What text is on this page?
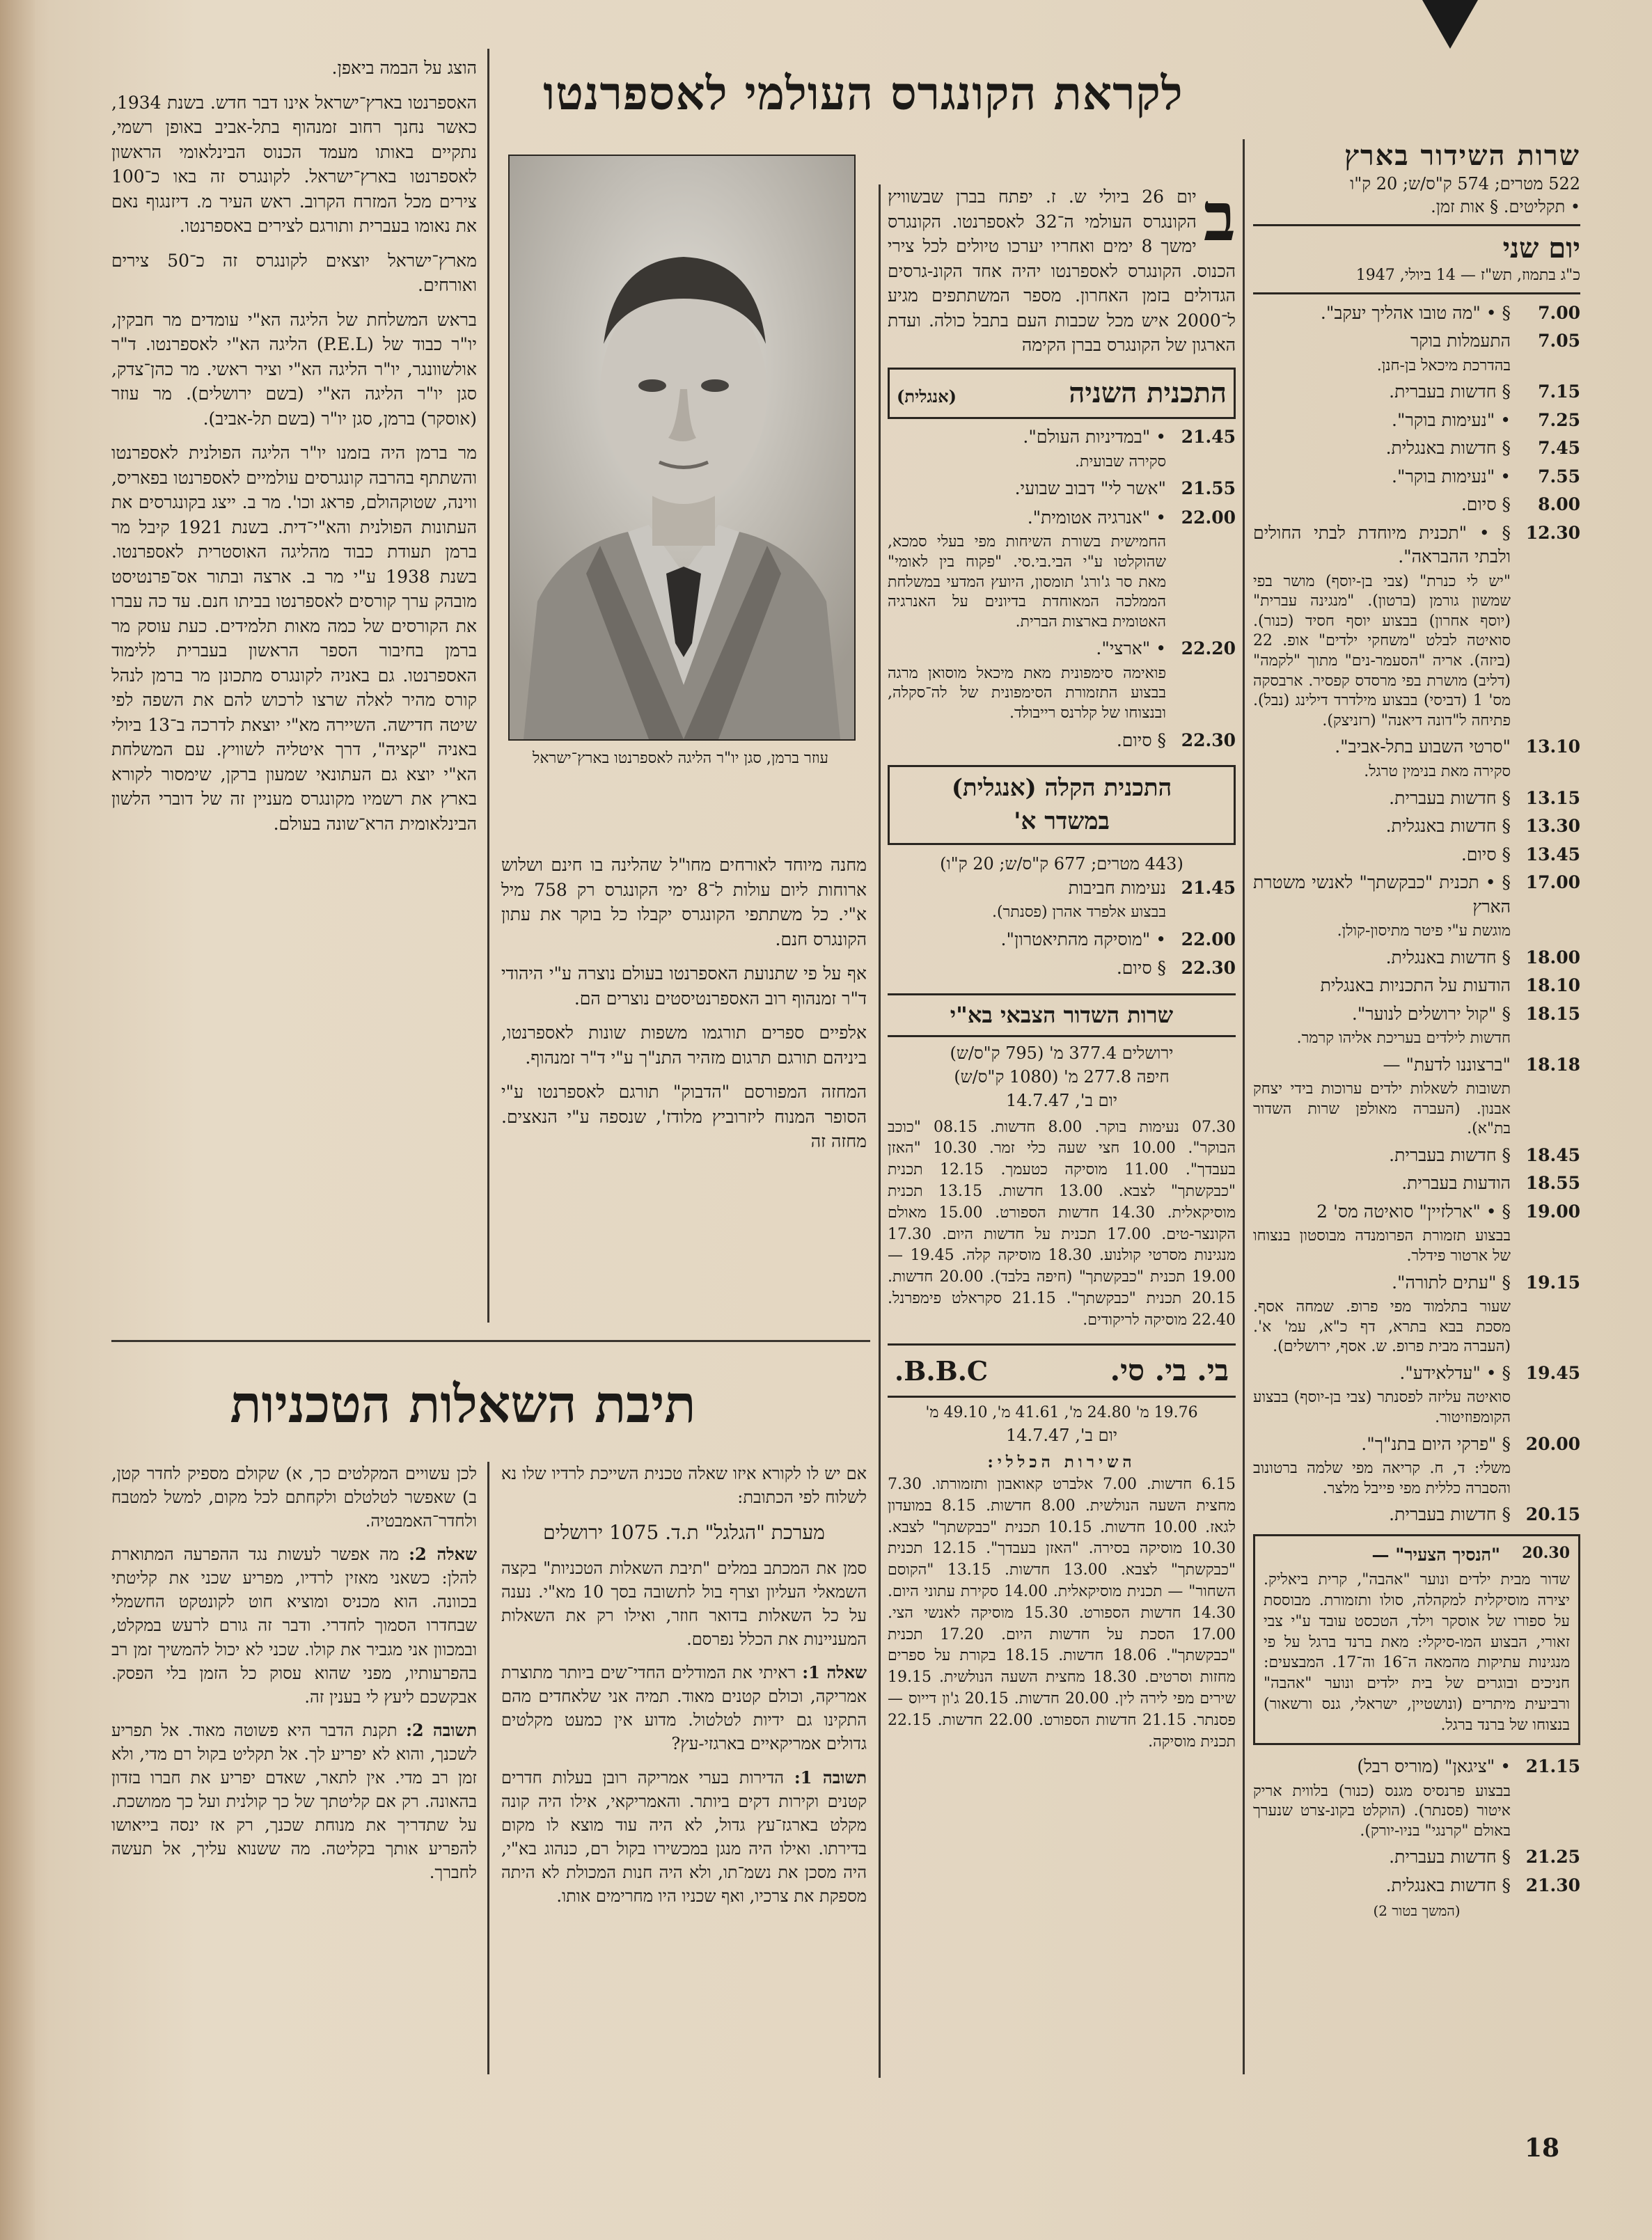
שרות השידור בארץ
522 מטרים; 574 ק"ס/ש; 20 ק"ו
• תקליטים. § אות זמן.
יום שני
כ"ג בתמוז, תש"ז — 14 ביולי, 1947
7.00
§ • "מה טובו אהליך יעקב".
7.05
התעמלות בוקר
בהדרכת מיכאל בן-חנן.
7.15
§ חדשות בעברית.
7.25
• "נעימות בוקר".
7.45
§ חדשות באנגלית.
7.55
• "נעימות בוקר".
8.00
§ סיום.
12.30
§ • "תכנית מיוחדת לבתי החולים ולבתי ההבראה".
"יש לי כנרת" (צבי בן-יוסף) מושר בפי שמשון גורמן (ברטון). "מנגינה עברית" (יוסף אחרון) בבצוע יוסף חסיד (כנור). סואיטה לבלט "משחקי ילדים" אופ. 22 (ביזה). אריה "הסעמר-נים" מתוך "לקמה" (דליב) מושרת בפי מרסדס קפסיר. ארבסקה מס' 1 (דביסי) בבצוע מילדרד דילינג (נבל). פתיחה ל"דונה דיאנה" (רזניצק).
13.10
"סרטי השבוע בתל-אביב".
סקירה מאת בנימין טרגל.
13.15
§ חדשות בעברית.
13.30
§ חדשות באנגלית.
13.45
§ סיום.
17.00
§ • תכנית "כבקשתך" לאנשי משטרת הארץ
מוגשת ע"י פיטר מתיסון-קולן.
18.00
§ חדשות באנגלית.
18.10
הודעות על התכניות באנגלית
18.15
§ "קול ירושלים לנוער".
חדשות לילדים בעריכת אליהו קרמר.
18.18
"ברצוננו לדעת" —
תשובות לשאלות ילדים ערוכות בידי יצחק אבנון. (העברה מאולפן שרות השדור בת"א).
18.45
§ חדשות בעברית.
18.55
הודעות בעברית.
19.00
§ • "ארלזיין" סואיטה מס' 2
בבצוע תזמורת הפרומנדה מבוסטון בנצוחו של ארטור פידלר.
19.15
§ "עתים לתורה".
שעור בתלמוד מפי פרופ. שמחה אסף. מסכת בבא בתרא, דף כ"א, עמ' א'. (העברה מבית פרופ. ש. אסף, ירושלים).
19.45
§ • "עדלאידע".
סואיטה עליזה לפסנתר (צבי בן-יוסף) בבצוע הקומפוזיטור.
20.00
§ "פרקי היום בתנ"ך".
משלי: ד, ח. קריאה מפי שלמה ברטונוב והסברה כללית מפי פייבל מלצר.
20.15
§ חדשות בעברית.
20.30
"הנסיך הצעיר" —
שדור מבית ילדים ונוער "אהבה", קרית ביאליק. יצירה מוסיקלית למקהלה, סולו ותזמורת. מבוססת על ספורו של אוסקר וילד, הטכסט עובד ע"י צבי זאורי, הבצוע המו-סיקלי: מאת ברנד ברגל על פי מנגינות עתיקות מהמאה ה־16 וה־17. המבצעים: חניכים ובוגרים של בית ילדים ונוער "אהבה" ורביעית מיתרים (ונושטיין, ישראלי, גנס ורשאור) בנצוחו של ברנד ברגל.
21.15
• "ציגאן" (מוריס רבל)
בבצוע פרנסיס מגנס (כנור) בלווית אריק איטור (פסנתר). (הוקלט בקונ-צרט שנערך באולם "קרנגי" בניו-יורק).
21.25
§ חדשות בעברית.
21.30
§ חדשות באנגלית.
(המשך בטור 2)
לקראת הקונגרס העולמי לאספרנטו

ב
יום 26 ביולי ש. ז. יפתח בברן שבשוויץ הקונגרס העולמי ה־32 לאספרנטו. הקונגרס ימשך 8 ימים ואחריו יערכו טיולים לכל צירי הכנוס. הקונגרס לאספרנטו יהיה אחד הקונ-גרסים הגדולים בזמן האחרון. מספר המשתתפים מגיע ל־2000 איש מכל שכבות העם בתבל כולה. ועדת הארגון של הקונגרס בברן הקימה

התכנית השניה
(אנגלית)
21.45
• "במדיניות העולם".
סקירה שבועית.
21.55
"אשר לי" דבוב שבועי.
22.00
• "אנרגיה אטומית".
החמישית בשורת השיחות מפי בעלי סמכא, שהוקלטו ע"י הבי.בי.סי. "פקוח בין לאומי" מאת סר ג'ורג' תומסון, היועץ המדעי במשלחת הממלכה המאוחדת בדיונים על האנרגיה האטומית בארצות הברית.
22.20
• "ארצי".
פואימה סימפונית מאת מיכאל מוסואן מרגה בבצוע התזמורת הסימפונית של לה־סקלה, ובנצוחו של קלרנס רייבולד.
22.30
§ סיום.
התכנית הקלה (אנגלית)
במשדר א'
(443 מטרים; 677 ק"ס/ש; 20 ק"ו)
21.45
נעימות חביבות
בבצוע אלפרד אהרן (פסנתר).
22.00
• "מוסיקה מהתיאטרון".
22.30
§ סיום.
שרות השדור הצבאי בא"י
ירושלים 377.4 מ' (795 ק"ס/ש)
חיפה 277.8 מ' (1080 ק"ס/ש)
יום ב', 14.7.47
07.30 נעימות בוקר. 8.00 חדשות. 08.15 "כוכב הבוקר". 10.00 חצי שעה כלי זמר. 10.30 "האזן בעבדך". 11.00 מוסיקה כטעמך. 12.15 תכנית "כבקשתך" לצבא. 13.00 חדשות. 13.15 תכנית מוסיקאלית. 14.30 חדשות הספורט. 15.00 מאולם הקונצר-טים. 17.00 תכנית על חדשות היום. 17.30 מנגינות מסרטי קולנוע. 18.30 מוסיקה קלה. 19.45 — 19.00 תכנית "כבקשתך" (חיפה בלבד). 20.00 חדשות. 20.15 תכנית "כבקשתך". 21.15 סקראלט פימפרנל. 22.40 מוסיקה לריקודים.
בי. בי. סי.
B.B.C.
19.76 מ' 24.80 מ', 41.61 מ', 49.10 מ'
יום ב', 14.7.47
השירות הכללי:
6.15 חדשות. 7.00 אלברט קאואבון ותזמורתו. 7.30 מחצית השעה הנולשית. 8.00 חדשות. 8.15 במועדון לגאז. 10.00 חדשות. 10.15 תכנית "כבקשתך" לצבא. 10.30 מוסיקה בסירה. "האזן בעבדך". 12.15 תכנית "כבקשתך" לצבא. 13.00 חדשות. 13.15 "הקוסם השחור" — תכנית מוסיקאלית. 14.00 סקירת עתוני היום. 14.30 חדשות הספורט. 15.30 מוסיקה לאנשי הצי. 17.00 הסכת על חדשות היום. 17.20 תכנית "כבקשתך". 18.06 חדשות. 18.15 בקורת על ספרים מחזות וסרטים. 18.30 מחצית השעה הנולשית. 19.15 שירים מפי לירה לין. 20.00 חדשות. 20.15 ג'ון דייוס — פסנתר. 21.15 חדשות הספורט. 22.00 חדשות. 22.15 תכנית מוסיקה.
עוזר ברמן, סגן יו"ר הליגה לאספרנטו בארץ־ישראל

מחנה מיוחד לאורחים מחו"ל שהלינה בו חינם ושלוש ארוחות ליום עולות ל־8 ימי הקונגרס רק 758 מיל א"י. כל משתתפי הקונגרס יקבלו כל בוקר את עתון הקונגרס חנם.

אף על פי שתנועת האספרנטו בעולם נוצרה ע"י היהודי ד"ר זמנהוף רוב האספרנטיסטים נוצרים הם.

אלפיים ספרים תורגמו משפות שונות לאספרנטו, ביניהם תורגם תרגום מזהיר התנ"ך ע"י ד"ר זמנהוף.

המחזה המפורסם "הדבוק" תורגם לאספרנטו ע"י הסופר המנוח ליזרוביץ מלודז', שנספה ע"י הנאצים. מחזה זה

הוצג על הבמה ביאפן.

האספרנטו בארץ־ישראל אינו דבר חדש. בשנת 1934, כאשר נחנך רחוב זמנהוף בתל-אביב באופן רשמי, נתקיים באותו מעמד הכנוס הבינלאומי הראשון לאספרנטו בארץ־ישראל. לקונגרס זה באו כ־100 צירים מכל המזרח הקרוב. ראש העיר מ. דיזנגוף נאם את נאומו בעברית ותורגם לצירים באספרנטו.

מארץ־ישראל יוצאים לקונגרס זה כ־50 צירים ואורחים.

בראש המשלחת של הליגה הא"י עומדים מר חבקין, יו"ר כבוד של (P.E.L) הליגה הא"י לאספרנטו. ד"ר אולשוונגר, יו"ר הליגה הא"י וציר ראשי. מר כהן־צדק, סגן יו"ר הליגה הא"י (בשם ירושלים). מר עוזר (אוסקר) ברמן, סגן יו"ר (בשם תל-אביב).

מר ברמן היה בזמנו יו"ר הליגה הפולנית לאספרנטו והשתתף בהרבה קונגרסים עולמיים לאספרנטו בפאריס, ווינה, שטוקהולם, פראג וכו'. מר ב. ייצג בקונגרסים את העתונות הפולנית והא"י־דית. בשנת 1921 קיבל מר ברמן תעודת כבוד מהליגה האוסטרית לאספרנטו. בשנת 1938 ע"י מר ב. ארצה ובתור אס־פרנטיסט מובהק ערך קורסים לאספרנטו בביתו חנם. עד כה עברו את הקורסים של כמה מאות תלמידים. כעת עוסק מר ברמן בחיבור הספר הראשון בעברית ללימוד האספרנטו. גם באניה לקונגרס מתכונן מר ברמן לנהל קורס מהיר לאלה שרצו לרכוש להם את השפה לפי שיטה חדישה. השיירה מא"י יוצאת לדרכה ב־13 ביולי באניה "קציה", דרך איטליה לשוויץ. עם המשלחת הא"י יוצא גם העתונאי שמעון ברקן, שימסור לקורא בארץ את רשמיו מקונגרס מעניין זה של דוברי הלשון הבינלאומית הרא־שונה בעולם.

תיבת השאלות הטכניות

אם יש לו לקורא איזו שאלה טכנית השייכת לרדיו שלו נא לשלוח לפי הכתובת:

מערכת "הגלגל" ת.ד. 1075 ירושלים

סמן את המכתב במלים "תיבת השאלות הטכניות" בקצה השמאלי העליון וצרף בול לתשובה בסך 10 מא"י. נענה על כל השאלות בדואר חוזר, ואילו רק את השאלות המעניינות את הכלל נפרסם.

שאלה 1: ראיתי את המודלים החדי־שים ביותר מתוצרת אמריקה, וכולם קטנים מאוד. תמיה אני שלאחדים מהם התקינו גם ידיות לטלטול. מדוע אין כמעט מקלטים גדולים אמריקאיים בארגזי-עץ?

תשובה 1: הדירות בערי אמריקה רובן בעלות חדרים קטנים וקירות דקים ביותר. והאמריקאי, אילו היה קונה מקלט בארגז־עץ גדול, לא היה עוד מוצא לו מקום בדירתו. ואילו היה מנגן במכשירו בקול רם, כנהוג בא"י, היה מסכן את נשמ־תו, ולא היה חנות המכולת לא היתה מספקת את צרכיו, ואף שכניו היו מחרימים אותו.

לכן עשויים המקלטים כך, א) שקולם מספיק לחדר קטן, ב) שאפשר לטלטלם ולקחתם לכל מקום, למשל למטבח ולחדר־האמבטיה.

שאלה 2: מה אפשר לעשות נגד ההפרעה המתוארת להלן: כשאני מאזין לרדיו, מפריע שכני את קליטתי בכוונה. הוא מכניס ומוציא חוט לקונטקט החשמלי שבחדרו הסמוך לחדרי. ודבר זה גורם לרעש במקלט, ובמכוון אני מגביר את קולו. שכני לא יכול להמשיך זמן רב בהפרעותיו, מפני שהוא עסוק כל הזמן בלי הפסק. אבקשכם ליעץ לי בענין זה.

תשובה 2: תקנת הדבר היא פשוטה מאוד. אל תפריע לשכנך, והוא לא יפריע לך. אל תקליט בקול רם מדי, ולא זמן רב מדי. אין לתאר, שאדם יפריע את חברו בזדון בהאונה. רק אם קליטתך של כך קולנית ועל כך ממושכת. על שתדריך את מנוחת שכנך, רק אז ינסה בייאושו להפריע אותך בקליטה. מה ששנוא עליך, אל תעשה לחברך.

18
